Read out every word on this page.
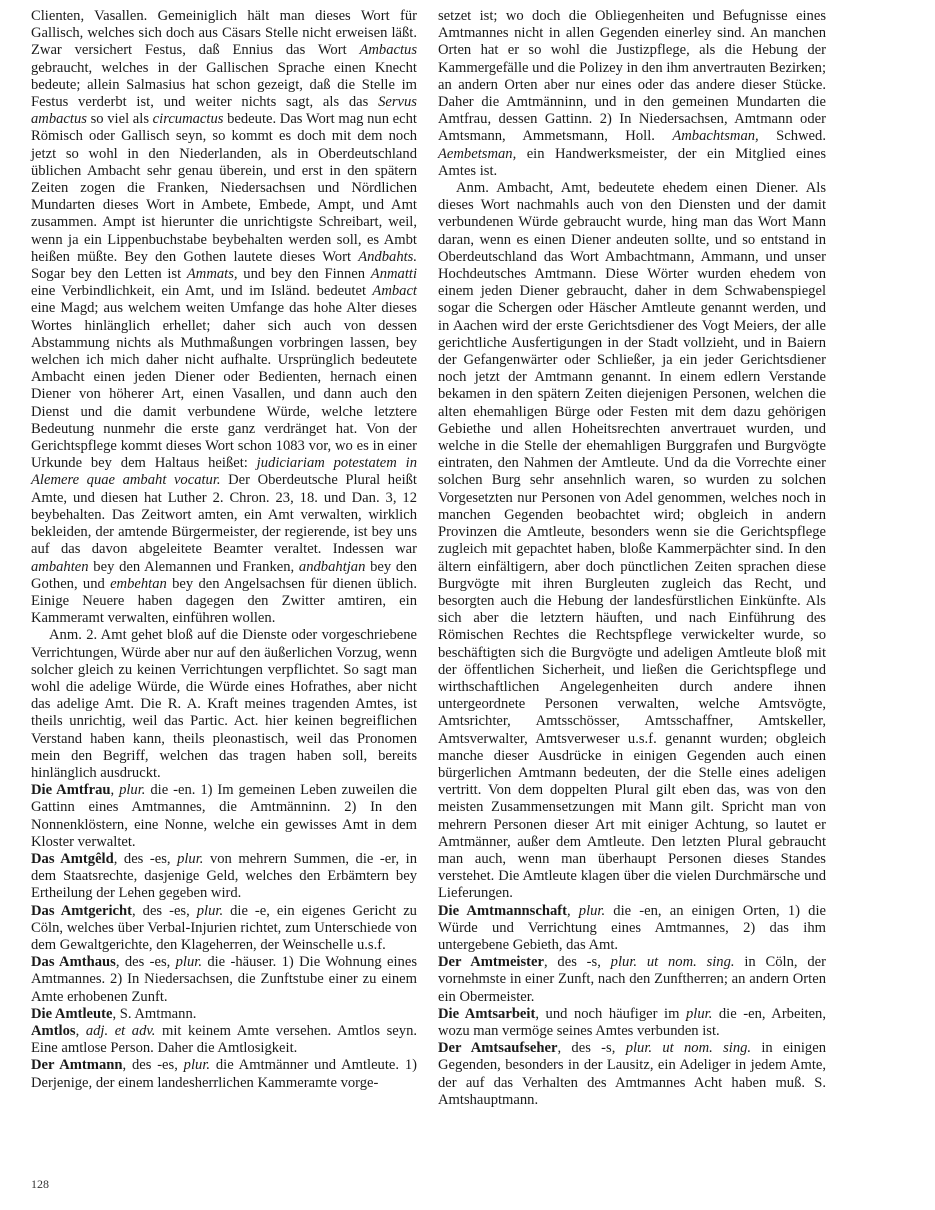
Clienten, Vasallen. Gemeiniglich hält man dieses Wort für Gallisch, welches sich doch aus Cäsars Stelle nicht erweisen läßt. Zwar versichert Festus, daß Ennius das Wort Ambactus gebraucht, welches in der Gallischen Sprache einen Knecht bedeute; allein Salmasius hat schon gezeigt, daß die Stelle im Festus verderbt ist, und weiter nichts sagt, als das Servus ambactus so viel als circumactus bedeute. Das Wort mag nun echt Römisch oder Gallisch seyn, so kommt es doch mit dem noch jetzt so wohl in den Niederlanden, als in Oberdeutschland üblichen Ambacht sehr genau überein, und erst in den spätern Zeiten zogen die Franken, Niedersachsen und Nördlichen Mundarten dieses Wort in Ambete, Embede, Ampt, und Amt zusammen. Ampt ist hierunter die unrichtigste Schreibart, weil, wenn ja ein Lippenbuchstabe beybehalten werden soll, es Ambt heißen müßte. Bey den Gothen lautete dieses Wort Andbahts. Sogar bey den Letten ist Ammats, und bey den Finnen Anmatti eine Verbindlichkeit, ein Amt, und im Isländ. bedeutet Ambact eine Magd; aus welchem weiten Umfange das hohe Alter dieses Wortes hinlänglich erhellet; daher sich auch von dessen Abstammung nichts als Muthmaßungen vorbringen lassen, bey welchen ich mich daher nicht aufhalte. Ursprünglich bedeutete Ambacht einen jeden Diener oder Bedienten, hernach einen Diener von höherer Art, einen Vasallen, und dann auch den Dienst und die damit verbundene Würde, welche letztere Bedeutung nunmehr die erste ganz verdränget hat. Von der Gerichtspflege kommt dieses Wort schon 1083 vor, wo es in einer Urkunde bey dem Haltaus heißet: judiciariam potestatem in Alemere quae ambaht vocatur. Der Oberdeutsche Plural heißt Amte, und diesen hat Luther 2. Chron. 23, 18. und Dan. 3, 12 beybehalten. Das Zeitwort amten, ein Amt verwalten, wirklich bekleiden, der amtende Bürgermeister, der regierende, ist bey uns auf das davon abgeleitete Beamter veraltet. Indessen war ambahten bey den Alemannen und Franken, andbahtjan bey den Gothen, und embehtan bey den Angelsachsen für dienen üblich. Einige Neuere haben dagegen den Zwitter amtiren, ein Kammeramt verwalten, einführen wollen.

Anm. 2. Amt gehet bloß auf die Dienste oder vorgeschriebene Verrichtungen, Würde aber nur auf den äußerlichen Vorzug, wenn solcher gleich zu keinen Verrichtungen verpflichtet. So sagt man wohl die adelige Würde, die Würde eines Hofrathes, aber nicht das adelige Amt. Die R. A. Kraft meines tragenden Amtes, ist theils unrichtig, weil das Partic. Act. hier keinen begreiflichen Verstand haben kann, theils pleonastisch, weil das Pronomen mein den Begriff, welchen das tragen haben soll, bereits hinlänglich ausdruckt.

Die Amtfrau, plur. die -en. 1) Im gemeinen Leben zuweilen die Gattinn eines Amtmannes, die Amtmänninn. 2) In den Nonnenklöstern, eine Nonne, welche ein gewisses Amt in dem Kloster verwaltet.

Das Amtgêld, des -es, plur. von mehrern Summen, die -er, in dem Staatsrechte, dasjenige Geld, welches den Erbämtern bey Ertheilung der Lehen gegeben wird.

Das Amtgericht, des -es, plur. die -e, ein eigenes Gericht zu Cöln, welches über Verbal-Injurien richtet, zum Unterschiede von dem Gewaltgerichte, den Klageherren, der Weinschelle u.s.f.

Das Amthaus, des -es, plur. die -häuser. 1) Die Wohnung eines Amtmannes. 2) In Niedersachsen, die Zunftstube einer zu einem Amte erhobenen Zunft.

Die Amtleute, S. Amtmann.

Amtlos, adj. et adv. mit keinem Amte versehen. Amtlos seyn. Eine amtlose Person. Daher die Amtlosigkeit.

Der Amtmann, des -es, plur. die Amtmänner und Amtleute. 1) Derjenige, der einem landesherrlichen Kammeramte vorge-

setzet ist; wo doch die Obliegenheiten und Befugnisse eines Amtmannes nicht in allen Gegenden einerley sind. An manchen Orten hat er so wohl die Justizpflege, als die Hebung der Kammergefälle und die Polizey in den ihm anvertrauten Bezirken; an andern Orten aber nur eines oder das andere dieser Stücke. Daher die Amtmänninn, und in den gemeinen Mundarten die Amtfrau, dessen Gattinn. 2) In Niedersachsen, Amtmann oder Amtsmann, Ammetsmann, Holl. Ambachtsman, Schwed. Aembetsman, ein Handwerksmeister, der ein Mitglied eines Amtes ist.

Anm. Ambacht, Amt, bedeutete ehedem einen Diener. Als dieses Wort nachmahls auch von den Diensten und der damit verbundenen Würde gebraucht wurde, hing man das Wort Mann daran, wenn es einen Diener andeuten sollte, und so entstand in Oberdeutschland das Wort Ambachtmann, Ammann, und unser Hochdeutsches Amtmann. Diese Wörter wurden ehedem von einem jeden Diener gebraucht, daher in dem Schwabenspiegel sogar die Schergen oder Häscher Amtleute genannt werden, und in Aachen wird der erste Gerichtsdiener des Vogt Meiers, der alle gerichtliche Ausfertigungen in der Stadt vollzieht, und in Baiern der Gefangenwärter oder Schließer, ja ein jeder Gerichtsdiener noch jetzt der Amtmann genannt. In einem edlern Verstande bekamen in den spätern Zeiten diejenigen Personen, welchen die alten ehemahligen Bürge oder Festen mit dem dazu gehörigen Gebiethe und allen Hoheitsrechten anvertrauet wurden, und welche in die Stelle der ehemahligen Burggrafen und Burgvögte eintraten, den Nahmen der Amtleute. Und da die Vorrechte einer solchen Burg sehr ansehnlich waren, so wurden zu solchen Vorgesetzten nur Personen von Adel genommen, welches noch in manchen Gegenden beobachtet wird; obgleich in andern Provinzen die Amtleute, besonders wenn sie die Gerichtspflege zugleich mit gepachtet haben, bloße Kammerpächter sind. In den ältern einfältigern, aber doch pünctlichen Zeiten sprachen diese Burgvögte mit ihren Burgleuten zugleich das Recht, und besorgten auch die Hebung der landesfürstlichen Einkünfte. Als sich aber die letztern häuften, und nach Einführung des Römischen Rechtes die Rechtspflege verwickelter wurde, so beschäftigten sich die Burgvögte und adeligen Amtleute bloß mit der öffentlichen Sicherheit, und ließen die Gerichtspflege und wirthschaftlichen Angelegenheiten durch andere ihnen untergeordnete Personen verwalten, welche Amtsvögte, Amtsrichter, Amtsschösser, Amtsschaffner, Amtskeller, Amtsverwalter, Amtsverweser u.s.f. genannt wurden; obgleich manche dieser Ausdrücke in einigen Gegenden auch einen bürgerlichen Amtmann bedeuten, der die Stelle eines adeligen vertritt. Von dem doppelten Plural gilt eben das, was von den meisten Zusammensetzungen mit Mann gilt. Spricht man von mehrern Personen dieser Art mit einiger Achtung, so lautet er Amtmänner, außer dem Amtleute. Den letzten Plural gebraucht man auch, wenn man überhaupt Personen dieses Standes verstehet. Die Amtleute klagen über die vielen Durchmärsche und Lieferungen.

Die Amtmannschaft, plur. die -en, an einigen Orten, 1) die Würde und Verrichtung eines Amtmannes, 2) das ihm untergebene Gebieth, das Amt.

Der Amtmeister, des -s, plur. ut nom. sing. in Cöln, der vornehmste in einer Zunft, nach den Zunftherren; an andern Orten ein Obermeister.

Die Amtsarbeit, und noch häufiger im plur. die -en, Arbeiten, wozu man vermöge seines Amtes verbunden ist.

Der Amtsaufseher, des -s, plur. ut nom. sing. in einigen Gegenden, besonders in der Lausitz, ein Adeliger in jedem Amte, der auf das Verhalten des Amtmannes Acht haben muß. S. Amtshauptmann.

128
